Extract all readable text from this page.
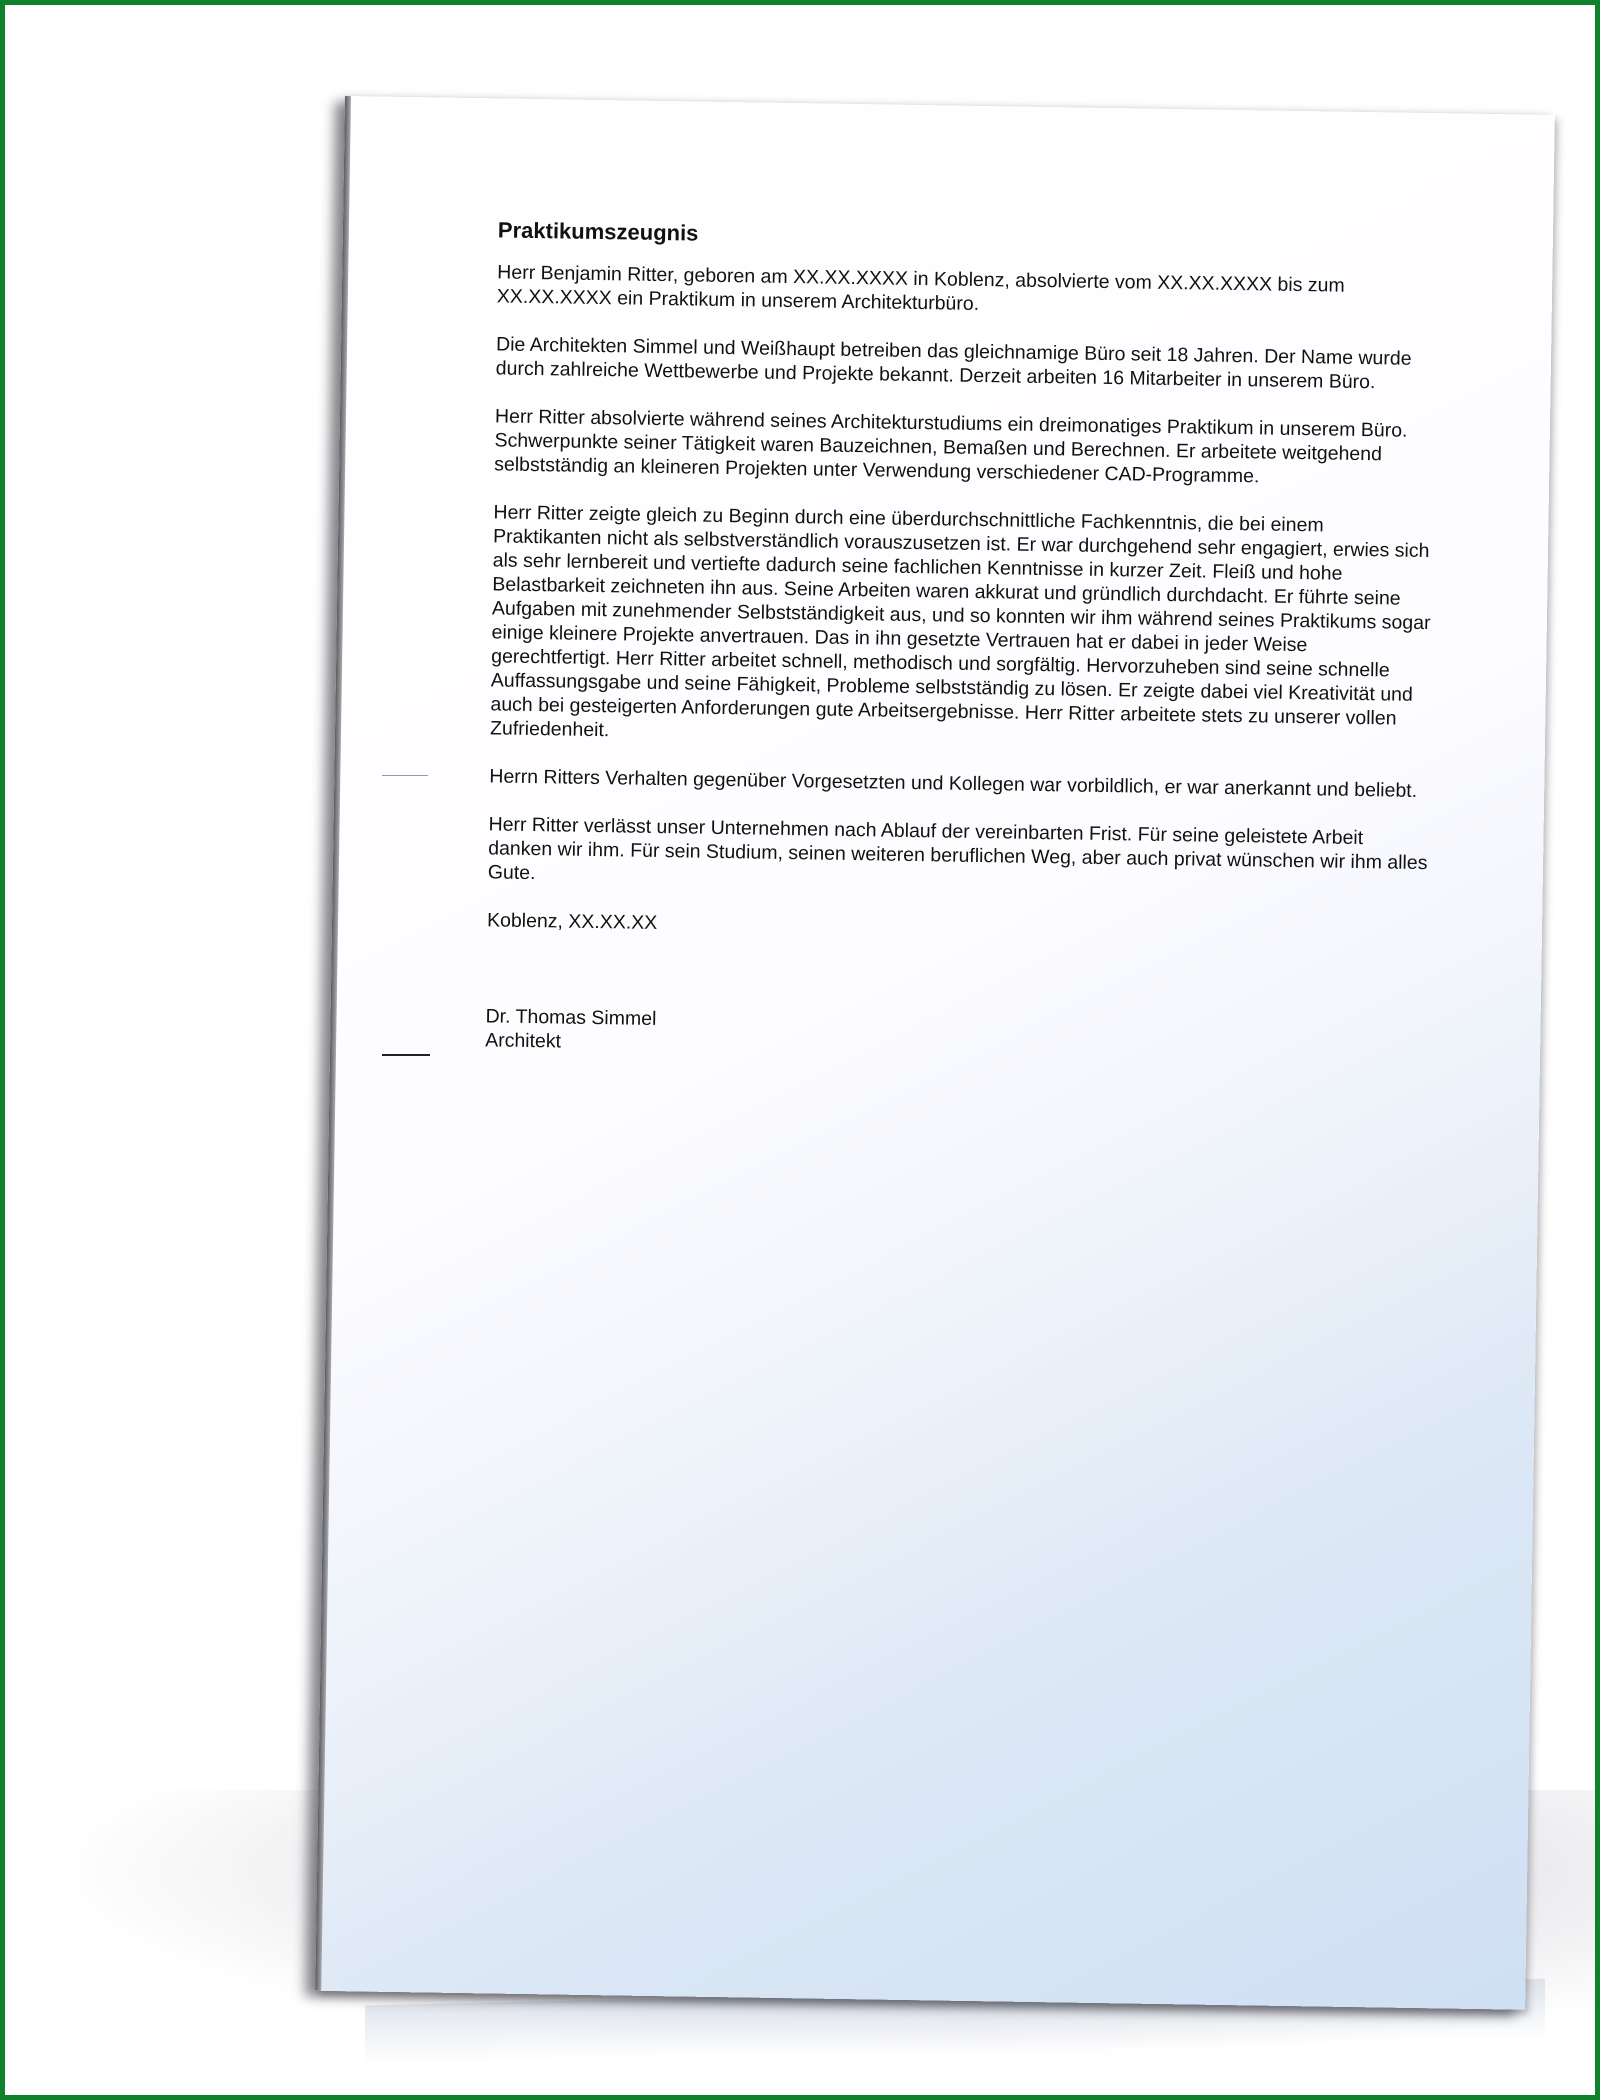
Praktikumszeugnis

Herr Benjamin Ritter, geboren am XX.XX.XXXX in Koblenz, absolvierte vom XX.XX.XXXX bis zum XX.XX.XXXX ein Praktikum in unserem Architekturbüro.

Die Architekten Simmel und Weißhaupt betreiben das gleichnamige Büro seit 18 Jahren. Der Name wurde durch zahlreiche Wettbewerbe und Projekte bekannt. Derzeit arbeiten 16 Mitarbeiter in unserem Büro.

Herr Ritter absolvierte während seines Architekturstudiums ein dreimonatiges Praktikum in unserem Büro. Schwerpunkte seiner Tätigkeit waren Bauzeichnen, Bemaßen und Berechnen. Er arbeitete weitgehend selbstständig an kleineren Projekten unter Verwendung verschiedener CAD-Programme.

Herr Ritter zeigte gleich zu Beginn durch eine überdurchschnittliche Fachkenntnis, die bei einem Praktikanten nicht als selbstverständlich vorauszusetzen ist. Er war durchgehend sehr engagiert, erwies sich als sehr lernbereit und vertiefte dadurch seine fachlichen Kenntnisse in kurzer Zeit. Fleiß und hohe Belastbarkeit zeichneten ihn aus. Seine Arbeiten waren akkurat und gründlich durchdacht. Er führte seine Aufgaben mit zunehmender Selbstständigkeit aus, und so konnten wir ihm während seines Praktikums sogar einige kleinere Projekte anvertrauen. Das in ihn gesetzte Vertrauen hat er dabei in jeder Weise gerechtfertigt. Herr Ritter arbeitet schnell, methodisch und sorgfältig. Hervorzuheben sind seine schnelle Auffassungsgabe und seine Fähigkeit, Probleme selbstständig zu lösen. Er zeigte dabei viel Kreativität und auch bei gesteigerten Anforderungen gute Arbeitsergebnisse. Herr Ritter arbeitete stets zu unserer vollen Zufriedenheit.

Herrn Ritters Verhalten gegenüber Vorgesetzten und Kollegen war vorbildlich, er war anerkannt und beliebt.

Herr Ritter verlässt unser Unternehmen nach Ablauf der vereinbarten Frist. Für seine geleistete Arbeit danken wir ihm. Für sein Studium, seinen weiteren beruflichen Weg, aber auch privat wünschen wir ihm alles Gute.

Koblenz, XX.XX.XX

Dr. Thomas Simmel
Architekt
